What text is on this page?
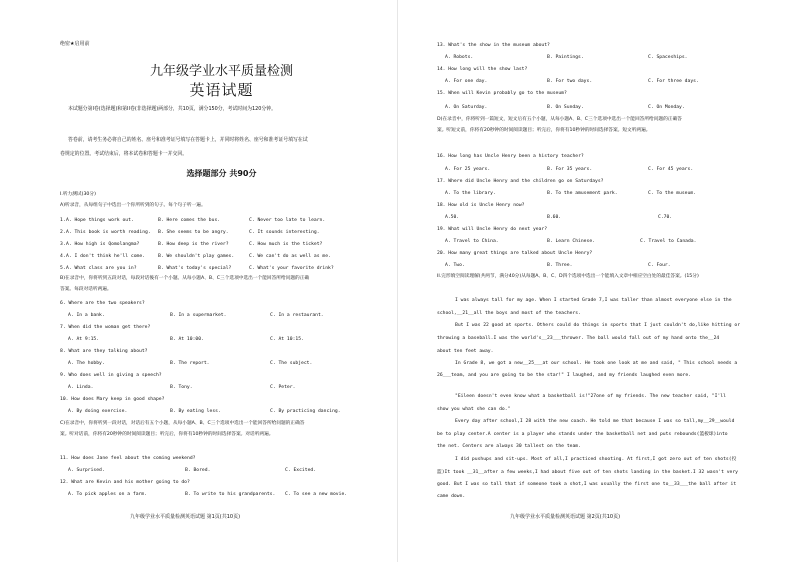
绝密★启用前
九年级学业水平质量检测
英语试题
本试题分第I卷(选择题)和第II卷(非选择题)两部分，共10页，满分150分，考试时间为120分钟。
答卷前，请考生务必将自己的姓名、座号和准考证号填写在答题卡上，并同时将姓名、座号和准考证号填写在试
卷规定的位置。考试结束后，将本试卷和答题卡一并交回。
选择题部分 共90分
I.听力测试(30分)
A)听录音，从每组句子中选出一个你所听到的句子。每个句子听一遍。
1. A. Hope things work out.	B. Here comes the bus.	C. Never too late to learn.
2. A. This book is worth reading. B. She seems to be angry.	C. It sounds interesting.
3. A. How high is Qomolangma?	B. How deep is the river?	C. How much is the ticket?
4. A. I don't think he'll come.	B. We shouldn't play games.	C. We can't do as well as me.
5. A. What class are you in?	B. What's today's special?	C. What's your favorite drink?
B)在录音中，你将听到五段对话，每段对话後有一个小题。从每小题A、B、C三个选项中选出一个能回答所给问题的正确
答案。每段对话听两遍。
6. Where are the two speakers?
A. In a bank.	B. In a supermarket.	C. In a restaurant.
7. When did the woman get there?
A. At 9:15.	B. At 10:00.	C. At 10:15.
8. What are they talking about?
A. The hobby.	B. The report.	C. The subject.
9. Who does well in giving a speech?
A. Linda.	B. Tony.	C. Peter.
10. How does Mary keep in good shape?
A. By doing exercise.	B. By eating less.	C. By practicing dancing.
C)在录音中，你将听到一段对话，对话后有五个小题，从每小题A、B、C三个选项中选出一个能回答所给问题的正确答
案。听对话前，你将有20秒钟的时间阅读题目；听完后，你将有10秒钟的时间选择答案。对话听两遍。
11. How does Jane feel about the coming weekend?
A. Surprised.	B. Bored.	C. Excited.
12. What are Kevin and his mother going to do?
A. To pick apples on a farm.	B. To write to his grandparents. C. To see a new movie.
九年级学业水平质量检测英语试题 第1页(共10页)
13. What's the show in the museum about?
A. Robots.	B. Paintings.	C. Spaceships.
14. How long will the show last?
A. For one day.	B. For two days.	C. For three days.
15. When will Kevin probably go to the museum?
A. On Saturday.	B. On Sunday.	C. On Monday.
D)在录音中，你将听到一篇短文，短文后有五个小题，从每小题A、B、C三个选项中选出一个能回答所给问题的正确答
案。听短文前，你将有20秒钟的时间阅读题目；听完后，你将有10秒钟的时间选择答案。短文听两遍。
16. How long has Uncle Henry been a history teacher?
A. For 25 years.	B. For 35 years.	C. For 45 years.
17. Where did Uncle Henry and the children go on Saturdays?
A. To the library.	B. To the amusement park.	C. To the museum.
18. How old is Uncle Henry now?
A.50.	B.60.	C.70.
19. What will Uncle Henry do next year?
A. Travel to China.	B. Learn Chinese.	C. Travel to Canada.
20. How many great things are talked about Uncle Henry?
A. Two.	B. Three.	C. Four.
II.完形填空阅读理解(共两节，满分40分)从每题A、B、C、D四个选项中选出一个能填入文章中相应空白处的最佳答案。(15分)
I was always tall for my age. When I started Grade 7,I was taller than almost everyone else in the
school,__21__all the boys and most of the teachers.
But I was 22 good at sports. Others could do things in sports that I just couldn't do,like hitting or
throwing a baseball.I was the world's__23___thrower. The ball would fall out of my hand onto the__24
about ten feet away.
In Grade 8, we got a new__25___at our school. He took one look at me and said, " This school needs a
26___team, and you are going to be the star!" I laughed, and my friends laughed even more.
"Eileen doesn't even know what a basketball is!"27one of my friends. The new teacher said, "I'll
show you what she can do."
Every day after school,I 28 with the new coach. He told me that because I was so tall,my__29__would
be to play center.A center is a player who stands under the basketball net and puts rebounds(篮板球)into
the net. Centers are always 30 tallest on the team.
I did pushups and sit-ups. Most of all,I practiced shooting. At first,I got zero out of ten shots(投
篮)It took __31__after a few weeks,I had about five out of ten shots landing in the basket.I 32 wasn't very
good. But I was so tall that if someone took a shot,I was usually the first one to__33___the ball after it
came down.
九年级学业水平质量检测英语试题 第2页(共10页)
